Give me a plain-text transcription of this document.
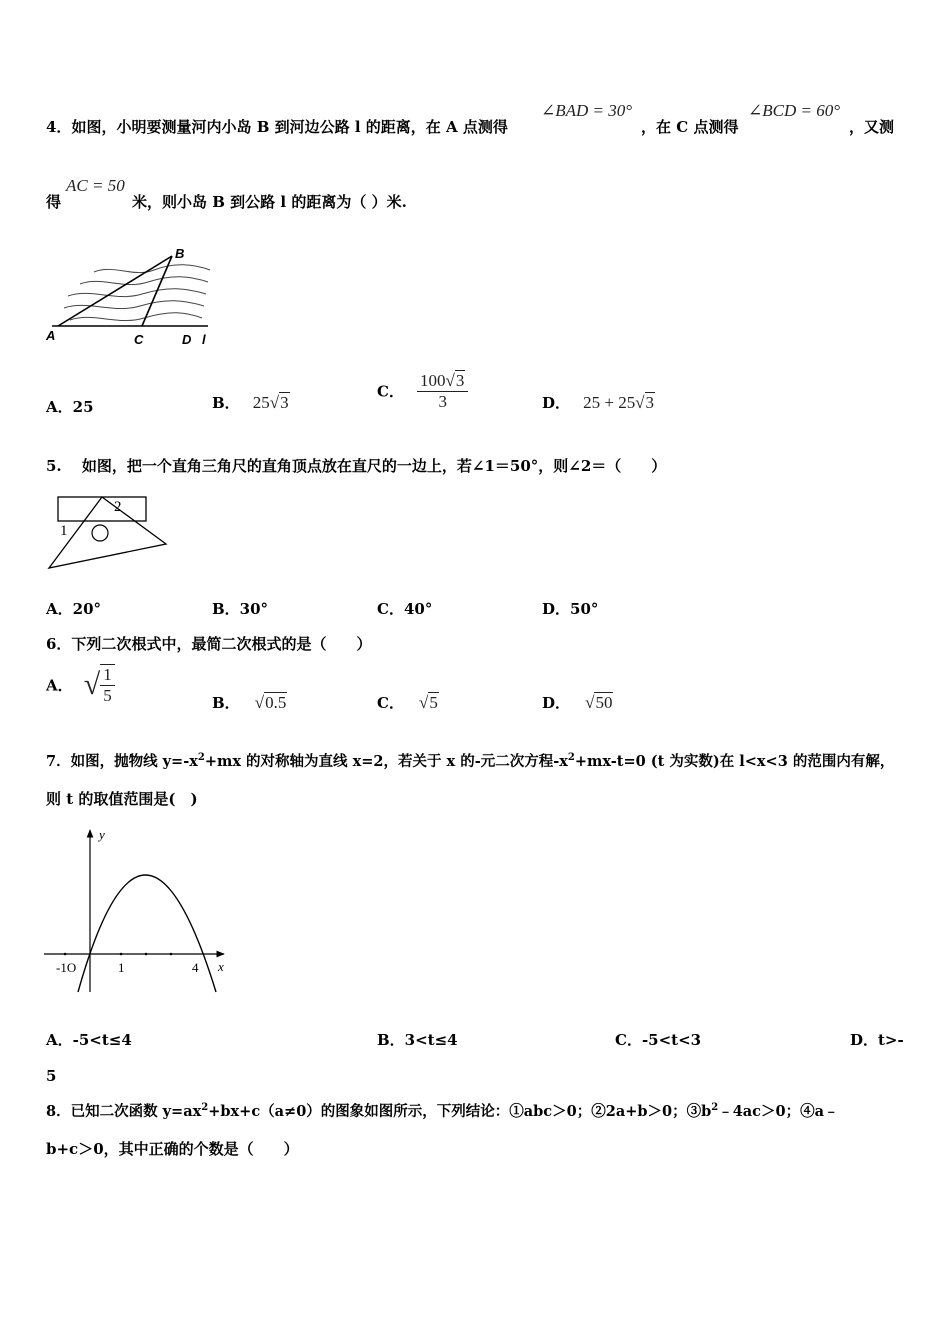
4．如图，小明要测量河内小岛 B 到河边公路 l 的距离，在 A 点测得
∠BAD = 30°
，在 C 点测得
∠BCD = 60°
，又测
得
AC = 50
米，则小岛 B 到公路 l 的距离为（ ）米.
A	C	D l
B
A．25	B． 25√3
C． $\frac{100√3}{3}$	D． 25 + 25√3
5.　 如图，把一个直角三角尺的直角顶点放在直尺的一边上，若∠1＝50°，则∠2＝（　　）
1
2
A．20°	B．30°	C．40°	D．50°
6．下列二次根式中，最简二次根式的是（　　）
A． √ $\frac{1}{5}$	B． √0.5	C． √5	D． √50
7．如图，抛物线 $y=-x^2+mx$ 的对称轴为直线 x=2，若关于 x 的-元二次方程$-x^2+mx-t=0$ (t 为实数)在 l<x<3 的范围内有解，
则 t 的取值范围是(　)
y
x
-1O	1	4
A．-5<t≤4	B．3<t≤4	C．-5<t<3	D．t>-
5
8．已知二次函数 $y=ax^2+bx+c(a\ne 0)$的图象如图所示，下列结论：①abc＞0；②2a+b＞0；$③b^2﹣4ac>0$；④a﹣
b+c＞0，其中正确的个数是（　　）
